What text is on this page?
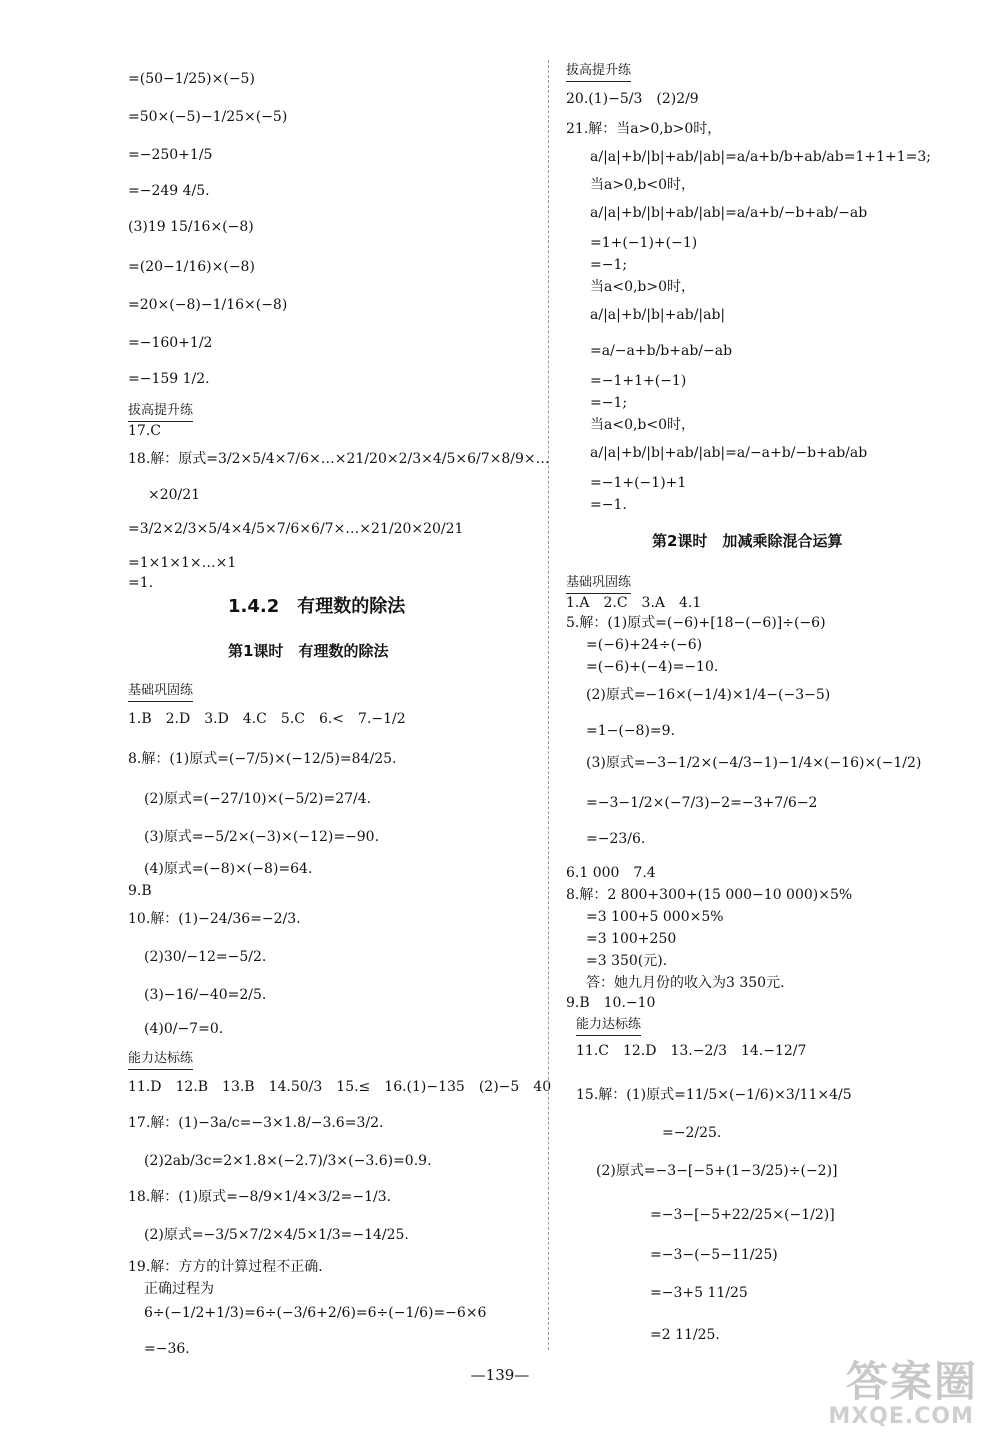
=(50−1/25)×(−5)
=50×(−5)−1/25×(−5)
=−250+1/5
=−249 4/5.
(3)19 15/16×(−8)
=(20−1/16)×(−8)
=20×(−8)−1/16×(−8)
=−160+1/2
=−159 1/2.
拔高提升练
17.C
18.解：原式=3/2×5/4×7/6×…×21/20×2/3×4/5×6/7×8/9×…
×20/21
=3/2×2/3×5/4×4/5×7/6×6/7×…×21/20×20/21
=1×1×1×…×1
=1.
1.4.2　有理数的除法
第1课时　有理数的除法
基础巩固练
1.B　2.D　3.D　4.C　5.C　6.<　7.−1/2
8.解：(1)原式=(−7/5)×(−12/5)=84/25.
(2)原式=(−27/10)×(−5/2)=27/4.
(3)原式=−5/2×(−3)×(−12)=−90.
(4)原式=(−8)×(−8)=64.
9.B
10.解：(1)−24/36=−2/3.
(2)30/−12=−5/2.
(3)−16/−40=2/5.
(4)0/−7=0.
能力达标练
11.D　12.B　13.B　14.50/3　15.≤　16.(1)−135　(2)−5　40
17.解：(1)−3a/c=−3×1.8/−3.6=3/2.
(2)2ab/3c=2×1.8×(−2.7)/3×(−3.6)=0.9.
18.解：(1)原式=−8/9×1/4×3/2=−1/3.
(2)原式=−3/5×7/2×4/5×1/3=−14/25.
19.解：方方的计算过程不正确.
正确过程为
6÷(−1/2+1/3)=6÷(−3/6+2/6)=6÷(−1/6)=−6×6
=−36.
拔高提升练
20.(1)−5/3　(2)2/9
21.解：当a>0,b>0时，
a/|a|+b/|b|+ab/|ab|=a/a+b/b+ab/ab=1+1+1=3;
当a>0,b<0时，
a/|a|+b/|b|+ab/|ab|=a/a+b/−b+ab/−ab
=1+(−1)+(−1)
=−1;
当a<0,b>0时，
a/|a|+b/|b|+ab/|ab|
=a/−a+b/b+ab/−ab
=−1+1+(−1)
=−1;
当a<0,b<0时，
a/|a|+b/|b|+ab/|ab|=a/−a+b/−b+ab/ab
=−1+(−1)+1
=−1.
第2课时　加减乘除混合运算
基础巩固练
1.A　2.C　3.A　4.1
5.解：(1)原式=(−6)+[18−(−6)]÷(−6)
=(−6)+24÷(−6)
=(−6)+(−4)=−10.
(2)原式=−16×(−1/4)×1/4−(−3−5)
=1−(−8)=9.
(3)原式=−3−1/2×(−4/3−1)−1/4×(−16)×(−1/2)
=−3−1/2×(−7/3)−2=−3+7/6−2
=−23/6.
6.1 000　7.4
8.解：2 800+300+(15 000−10 000)×5%
=3 100+5 000×5%
=3 100+250
=3 350(元).
答：她九月份的收入为3 350元.
9.B　10.−10
能力达标练
11.C　12.D　13.−2/3　14.−12/7
15.解：(1)原式=11/5×(−1/6)×3/11×4/5
=−2/25.
(2)原式=−3−[−5+(1−3/25)÷(−2)]
=−3−[−5+22/25×(−1/2)]
=−3−(−5−11/25)
=−3+5 11/25
=2 11/25.
—139—	答案圈
MXQE.COM
